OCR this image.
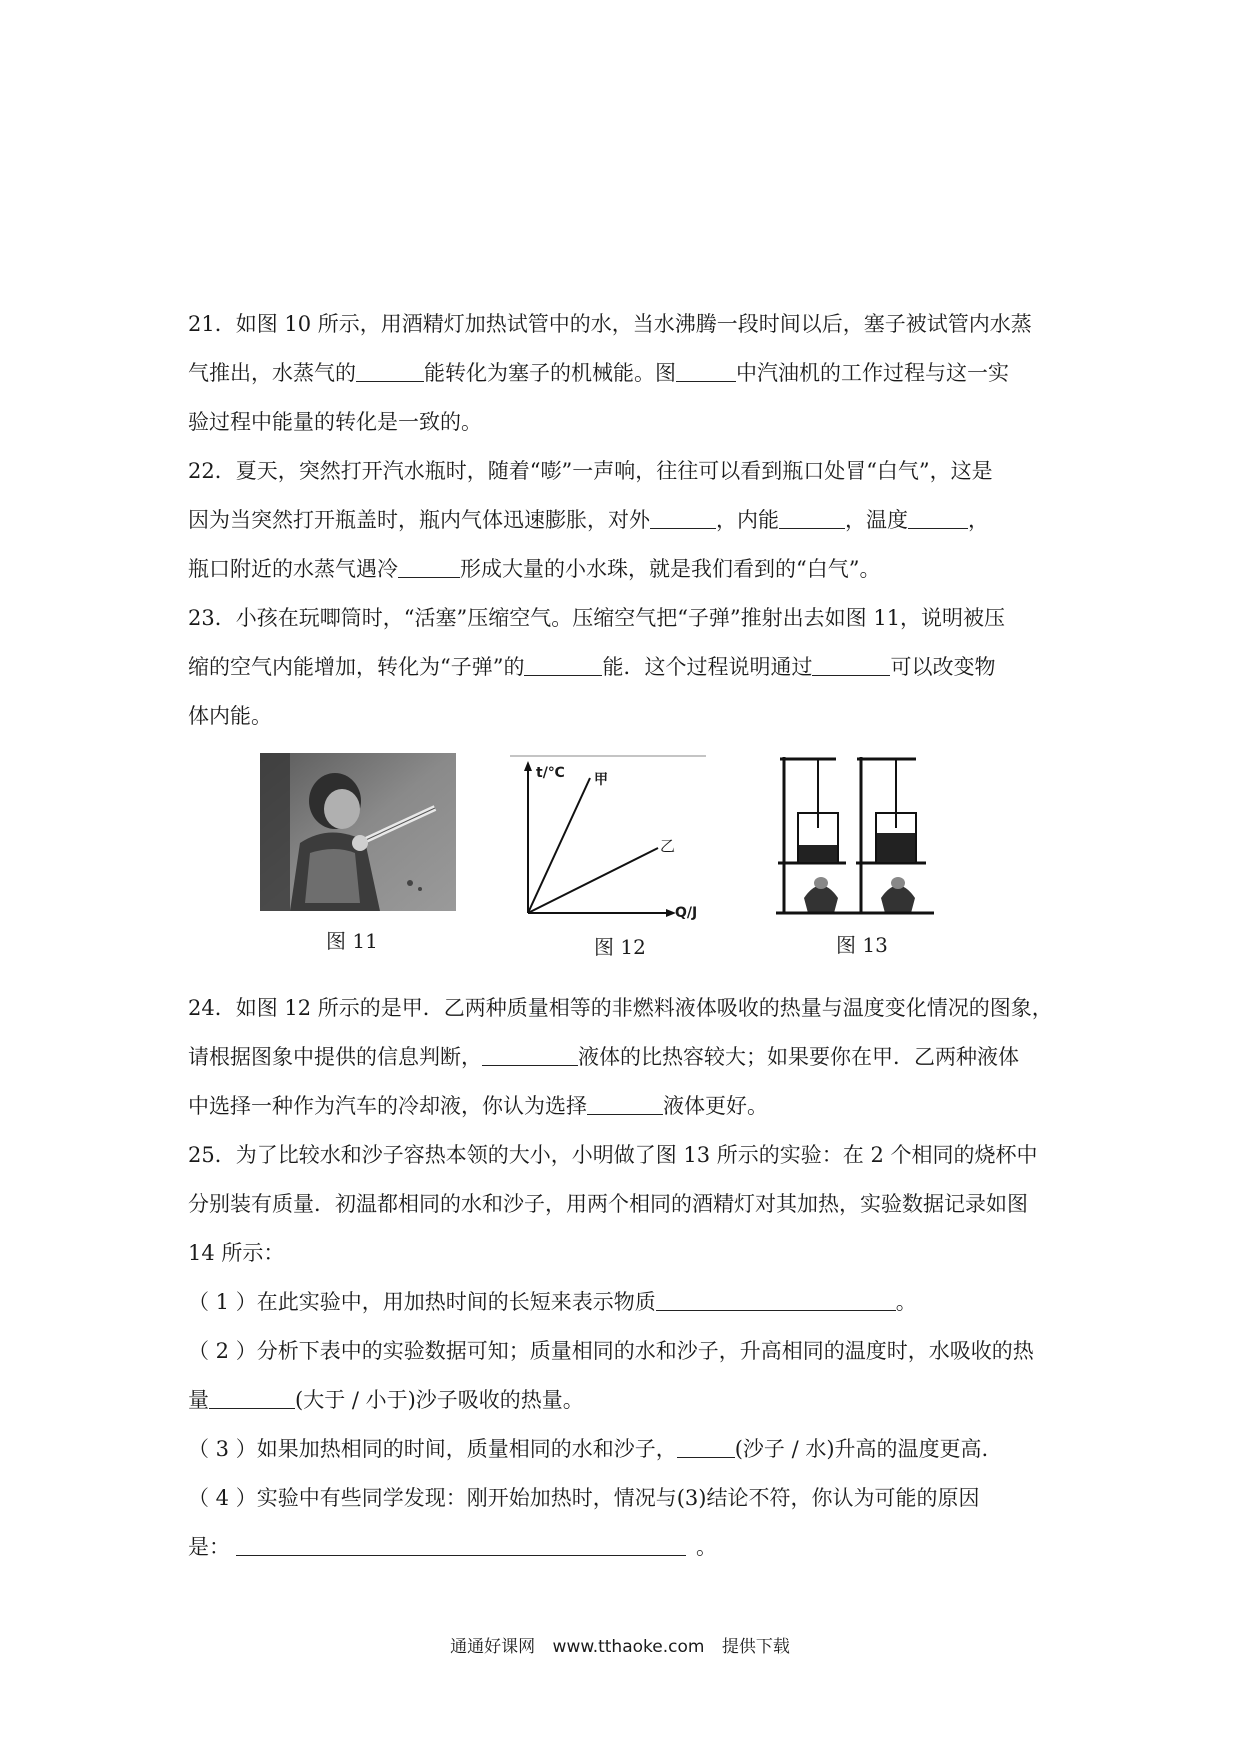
21．如图 10 所示，用酒精灯加热试管中的水，当水沸腾一段时间以后，塞子被试管内水蒸
气推出，水蒸气的	能转化为塞子的机械能。图	中汽油机的工作过程与这一实
验过程中能量的转化是一致的。
22．夏天，突然打开汽水瓶时，随着“嘭”一声响，往往可以看到瓶口处冒“白气”，这是
因为当突然打开瓶盖时，瓶内气体迅速膨胀，对外	，内能	，温度	，
瓶口附近的水蒸气遇冷	形成大量的小水珠，就是我们看到的“白气”。
23．小孩在玩唧筒时，“活塞”压缩空气。压缩空气把“子弹”推射出去如图 11，说明被压
缩的空气内能增加，转化为“子弹”的	能．这个过程说明通过	可以改变物
体内能。
图 11
t/℃
Q/J
甲
乙
图 12	图 13
24．如图 12 所示的是甲．乙两种质量相等的非燃料液体吸收的热量与温度变化情况的图象，
请根据图象中提供的信息判断，	液体的比热容较大；如果要你在甲．乙两种液体
中选择一种作为汽车的冷却液，你认为选择	液体更好。
25．为了比较水和沙子容热本领的大小，小明做了图 13 所示的实验：在 2 个相同的烧杯中
分别装有质量．初温都相同的水和沙子，用两个相同的酒精灯对其加热，实验数据记录如图
14 所示：
（ 1 ）在此实验中，用加热时间的长短来表示物质	。
（ 2 ）分析下表中的实验数据可知；质量相同的水和沙子，升高相同的温度时，水吸收的热
量	(大于 / 小于)沙子吸收的热量。
（ 3 ）如果加热相同的时间，质量相同的水和沙子，	(沙子 / 水)升高的温度更高.
（ 4 ）实验中有些同学发现：刚开始加热时，情况与(3)结论不符，你认为可能的原因
是：	。
通通好课网 www.tthaoke.com 提供下载
